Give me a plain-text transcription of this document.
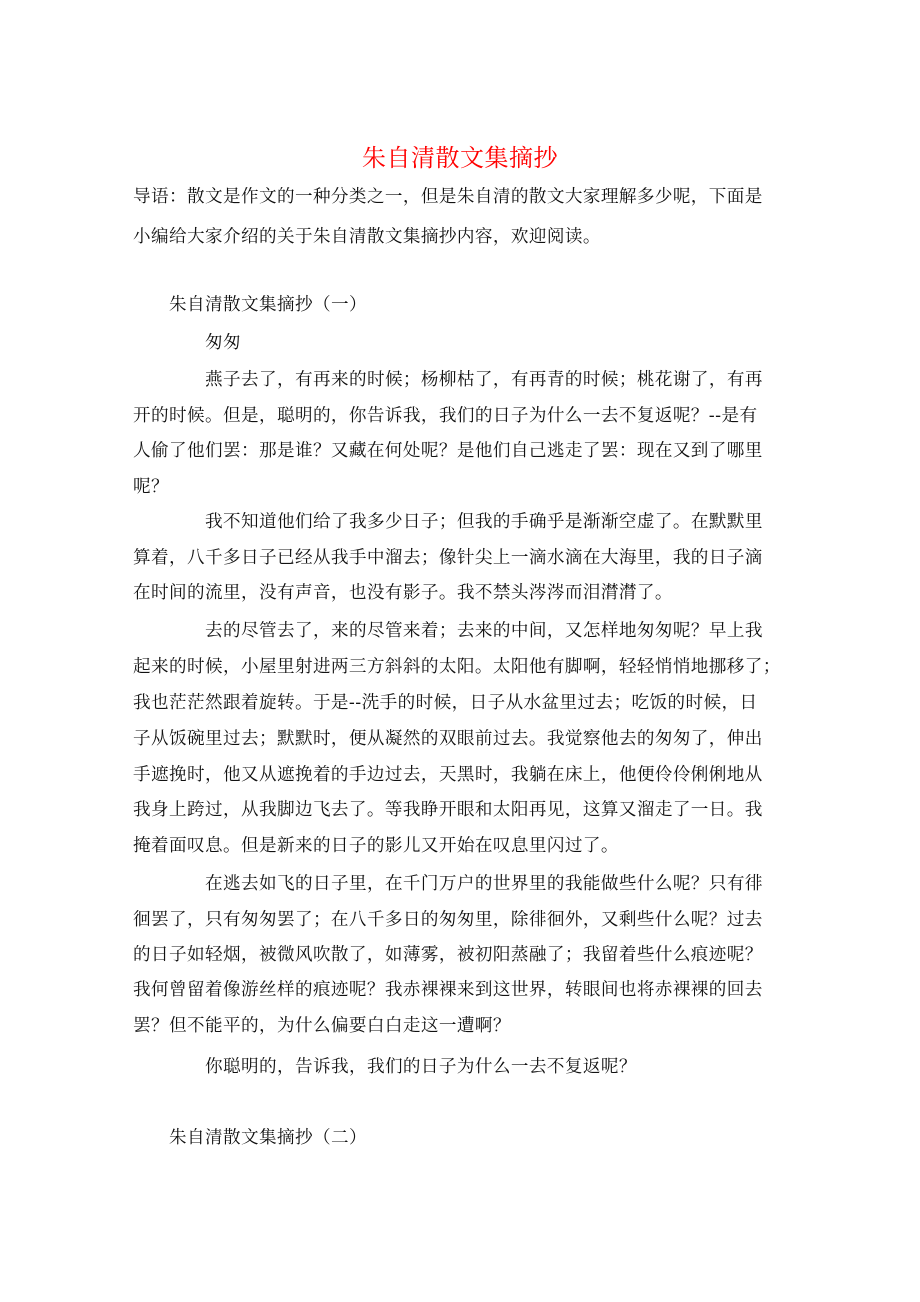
朱自清散文集摘抄
导语：散文是作文的一种分类之一，但是朱自清的散文大家理解多少呢，下面是
小编给大家介绍的关于朱自清散文集摘抄内容，欢迎阅读。
朱自清散文集摘抄（一）
匆匆
燕子去了，有再来的时候；杨柳枯了，有再青的时候；桃花谢了，有再
开的时候。但是，聪明的，你告诉我，我们的日子为什么一去不复返呢？--是有
人偷了他们罢：那是谁？又藏在何处呢？是他们自己逃走了罢：现在又到了哪里
呢？
我不知道他们给了我多少日子；但我的手确乎是渐渐空虚了。在默默里
算着，八千多日子已经从我手中溜去；像针尖上一滴水滴在大海里，我的日子滴
在时间的流里，没有声音，也没有影子。我不禁头涔涔而泪潸潸了。
去的尽管去了，来的尽管来着；去来的中间，又怎样地匆匆呢？早上我
起来的时候，小屋里射进两三方斜斜的太阳。太阳他有脚啊，轻轻悄悄地挪移了；
我也茫茫然跟着旋转。于是--洗手的时候，日子从水盆里过去；吃饭的时候，日
子从饭碗里过去；默默时，便从凝然的双眼前过去。我觉察他去的匆匆了，伸出
手遮挽时，他又从遮挽着的手边过去，天黑时，我躺在床上，他便伶伶俐俐地从
我身上跨过，从我脚边飞去了。等我睁开眼和太阳再见，这算又溜走了一日。我
掩着面叹息。但是新来的日子的影儿又开始在叹息里闪过了。
在逃去如飞的日子里，在千门万户的世界里的我能做些什么呢？只有徘
徊罢了，只有匆匆罢了；在八千多日的匆匆里，除徘徊外，又剩些什么呢？过去
的日子如轻烟，被微风吹散了，如薄雾，被初阳蒸融了；我留着些什么痕迹呢？
我何曾留着像游丝样的痕迹呢？我赤裸裸来到这世界，转眼间也将赤裸裸的回去
罢？但不能平的，为什么偏要白白走这一遭啊？
你聪明的，告诉我，我们的日子为什么一去不复返呢？
朱自清散文集摘抄（二）
